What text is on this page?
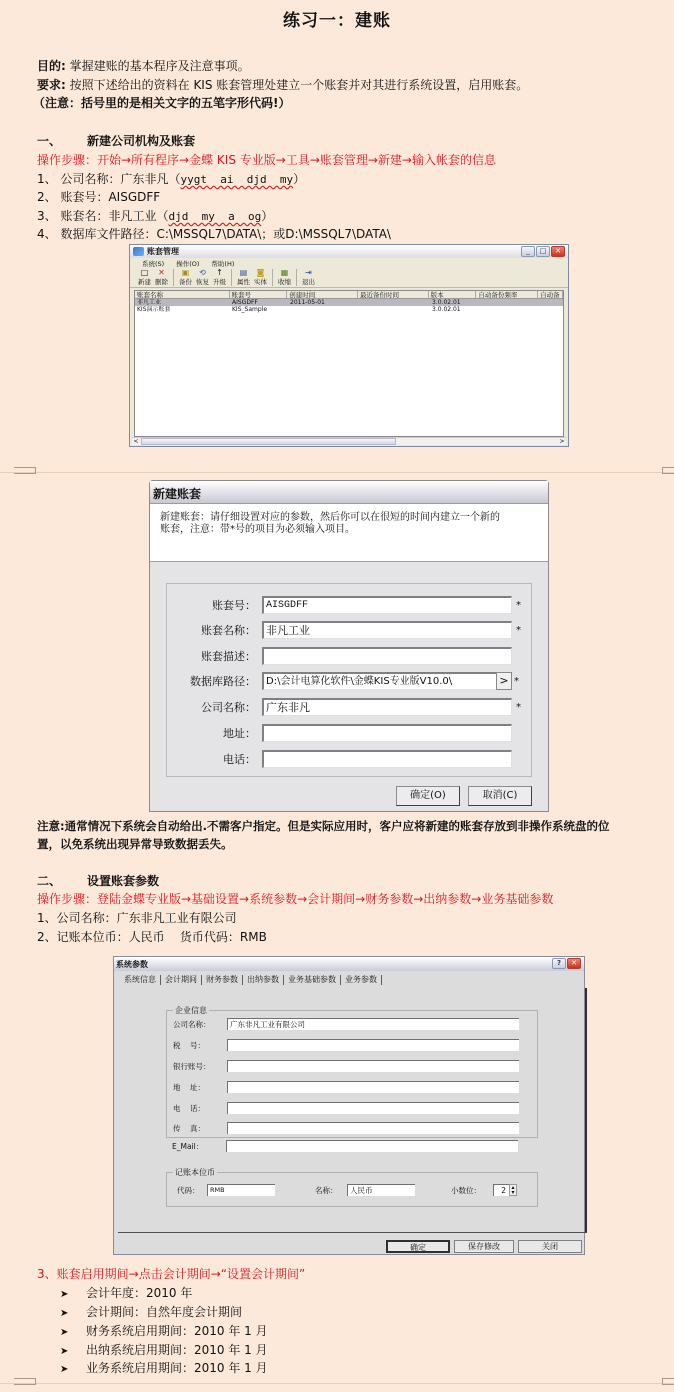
练习一：建账
目的: 掌握建账的基本程序及注意事项。
要求: 按照下述给出的资料在 KIS 账套管理处建立一个账套并对其进行系统设置，启用账套。
（注意：括号里的是相关文字的五笔字形代码!）
一、 新建公司机构及账套
操作步骤：开始→所有程序→金蝶 KIS 专业版→工具→账套管理→新建→输入帐套的信息
1、 公司名称：广东非凡（yygt  ai  djd  my）
2、 账套号：AISGDFF
3、 账套名：非凡工业（djd  my  a  og）
4、 数据库文件路径：C:\MSSQL7\DATA\；或D:\MSSQL7\DATA\
账套管理	_	□	✕
系统(S) 操作(O) 帮助(H)
□
新建
✕
删除
▣
备份
⟲
恢复
↑
升级
▤
属性
◙
实体
▦
收缩
⇥
退出
账套名称	账套号	创建时间	最近备份时间	版本	自动备份频率	自动备
非凡工业	AISGDFF	2011-05-01	3.0.02.01
KIS演示账套	KIS_Sample	3.0.02.01
<	>
新建账套
新建账套：请仔细设置对应的参数，然后你可以在很短的时间内建立一个新的
账套，注意：带*号的项目为必须输入项目。
账套号：	AISGDFF	*
账套名称： 非凡工业	*
账套描述：
数据库路径：	D:\会计电算化软件\金蝶KIS专业版V10.0\	> *
公司名称： 广东非凡	*
地址：
电话：
确定(O)	取消(C)
注意:通常情况下系统会自动给出.不需客户指定。但是实际应用时，客户应将新建的账套存放到非操作系统盘的位
置，以免系统出现异常导致数据丢失。
二、 设置账套参数
操作步骤：登陆金蝶专业版→基础设置→系统参数→会计期间→财务参数→出纳参数→业务基础参数
1、公司名称：广东非凡工业有限公司
2、记账本位币：人民币    货币代码：RMB
系统参数	?	✕
系统信息	会计期间	财务参数	出纳参数	业务基础参数	业务参数
企业信息
公司名称：	广东非凡工业有限公司
税    号：
银行账号：
地    址：
电    话：
传    真：
E_Mail：
记账本位币
代码：	RMB	名称：	人民币	小数位：	2 ▴
▾
确定	保存修改	关闭
3、账套启用期间→点击会计期间→“设置会计期间”
➤ 会计年度：2010 年
➤ 会计期间：自然年度会计期间
➤ 财务系统启用期间：2010 年 1 月
➤ 出纳系统启用期间：2010 年 1 月
➤ 业务系统启用期间：2010 年 1 月
